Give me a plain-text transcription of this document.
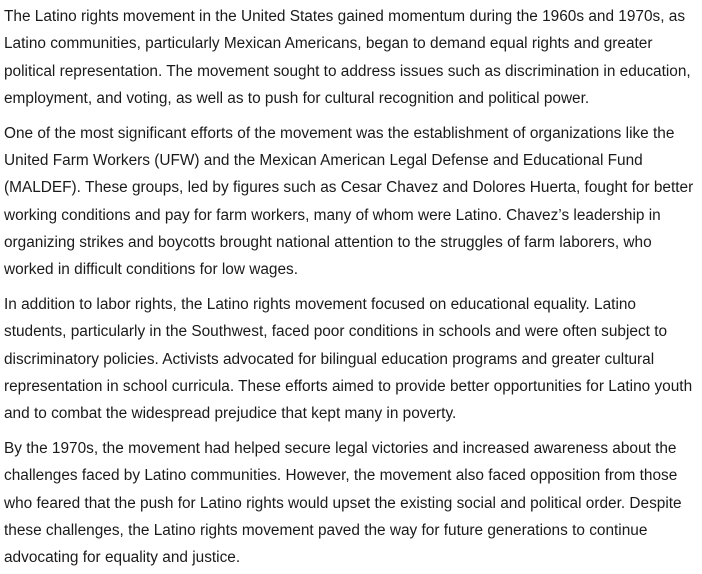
The Latino rights movement in the United States gained momentum during the 1960s and 1970s, as Latino communities, particularly Mexican Americans, began to demand equal rights and greater political representation. The movement sought to address issues such as discrimination in education, employment, and voting, as well as to push for cultural recognition and political power.

One of the most significant efforts of the movement was the establishment of organizations like the United Farm Workers (UFW) and the Mexican American Legal Defense and Educational Fund (MALDEF). These groups, led by figures such as Cesar Chavez and Dolores Huerta, fought for better working conditions and pay for farm workers, many of whom were Latino. Chavez’s leadership in organizing strikes and boycotts brought national attention to the struggles of farm laborers, who worked in difficult conditions for low wages.

In addition to labor rights, the Latino rights movement focused on educational equality. Latino students, particularly in the Southwest, faced poor conditions in schools and were often subject to discriminatory policies. Activists advocated for bilingual education programs and greater cultural representation in school curricula. These efforts aimed to provide better opportunities for Latino youth and to combat the widespread prejudice that kept many in poverty.

By the 1970s, the movement had helped secure legal victories and increased awareness about the challenges faced by Latino communities. However, the movement also faced opposition from those who feared that the push for Latino rights would upset the existing social and political order. Despite these challenges, the Latino rights movement paved the way for future generations to continue advocating for equality and justice.
